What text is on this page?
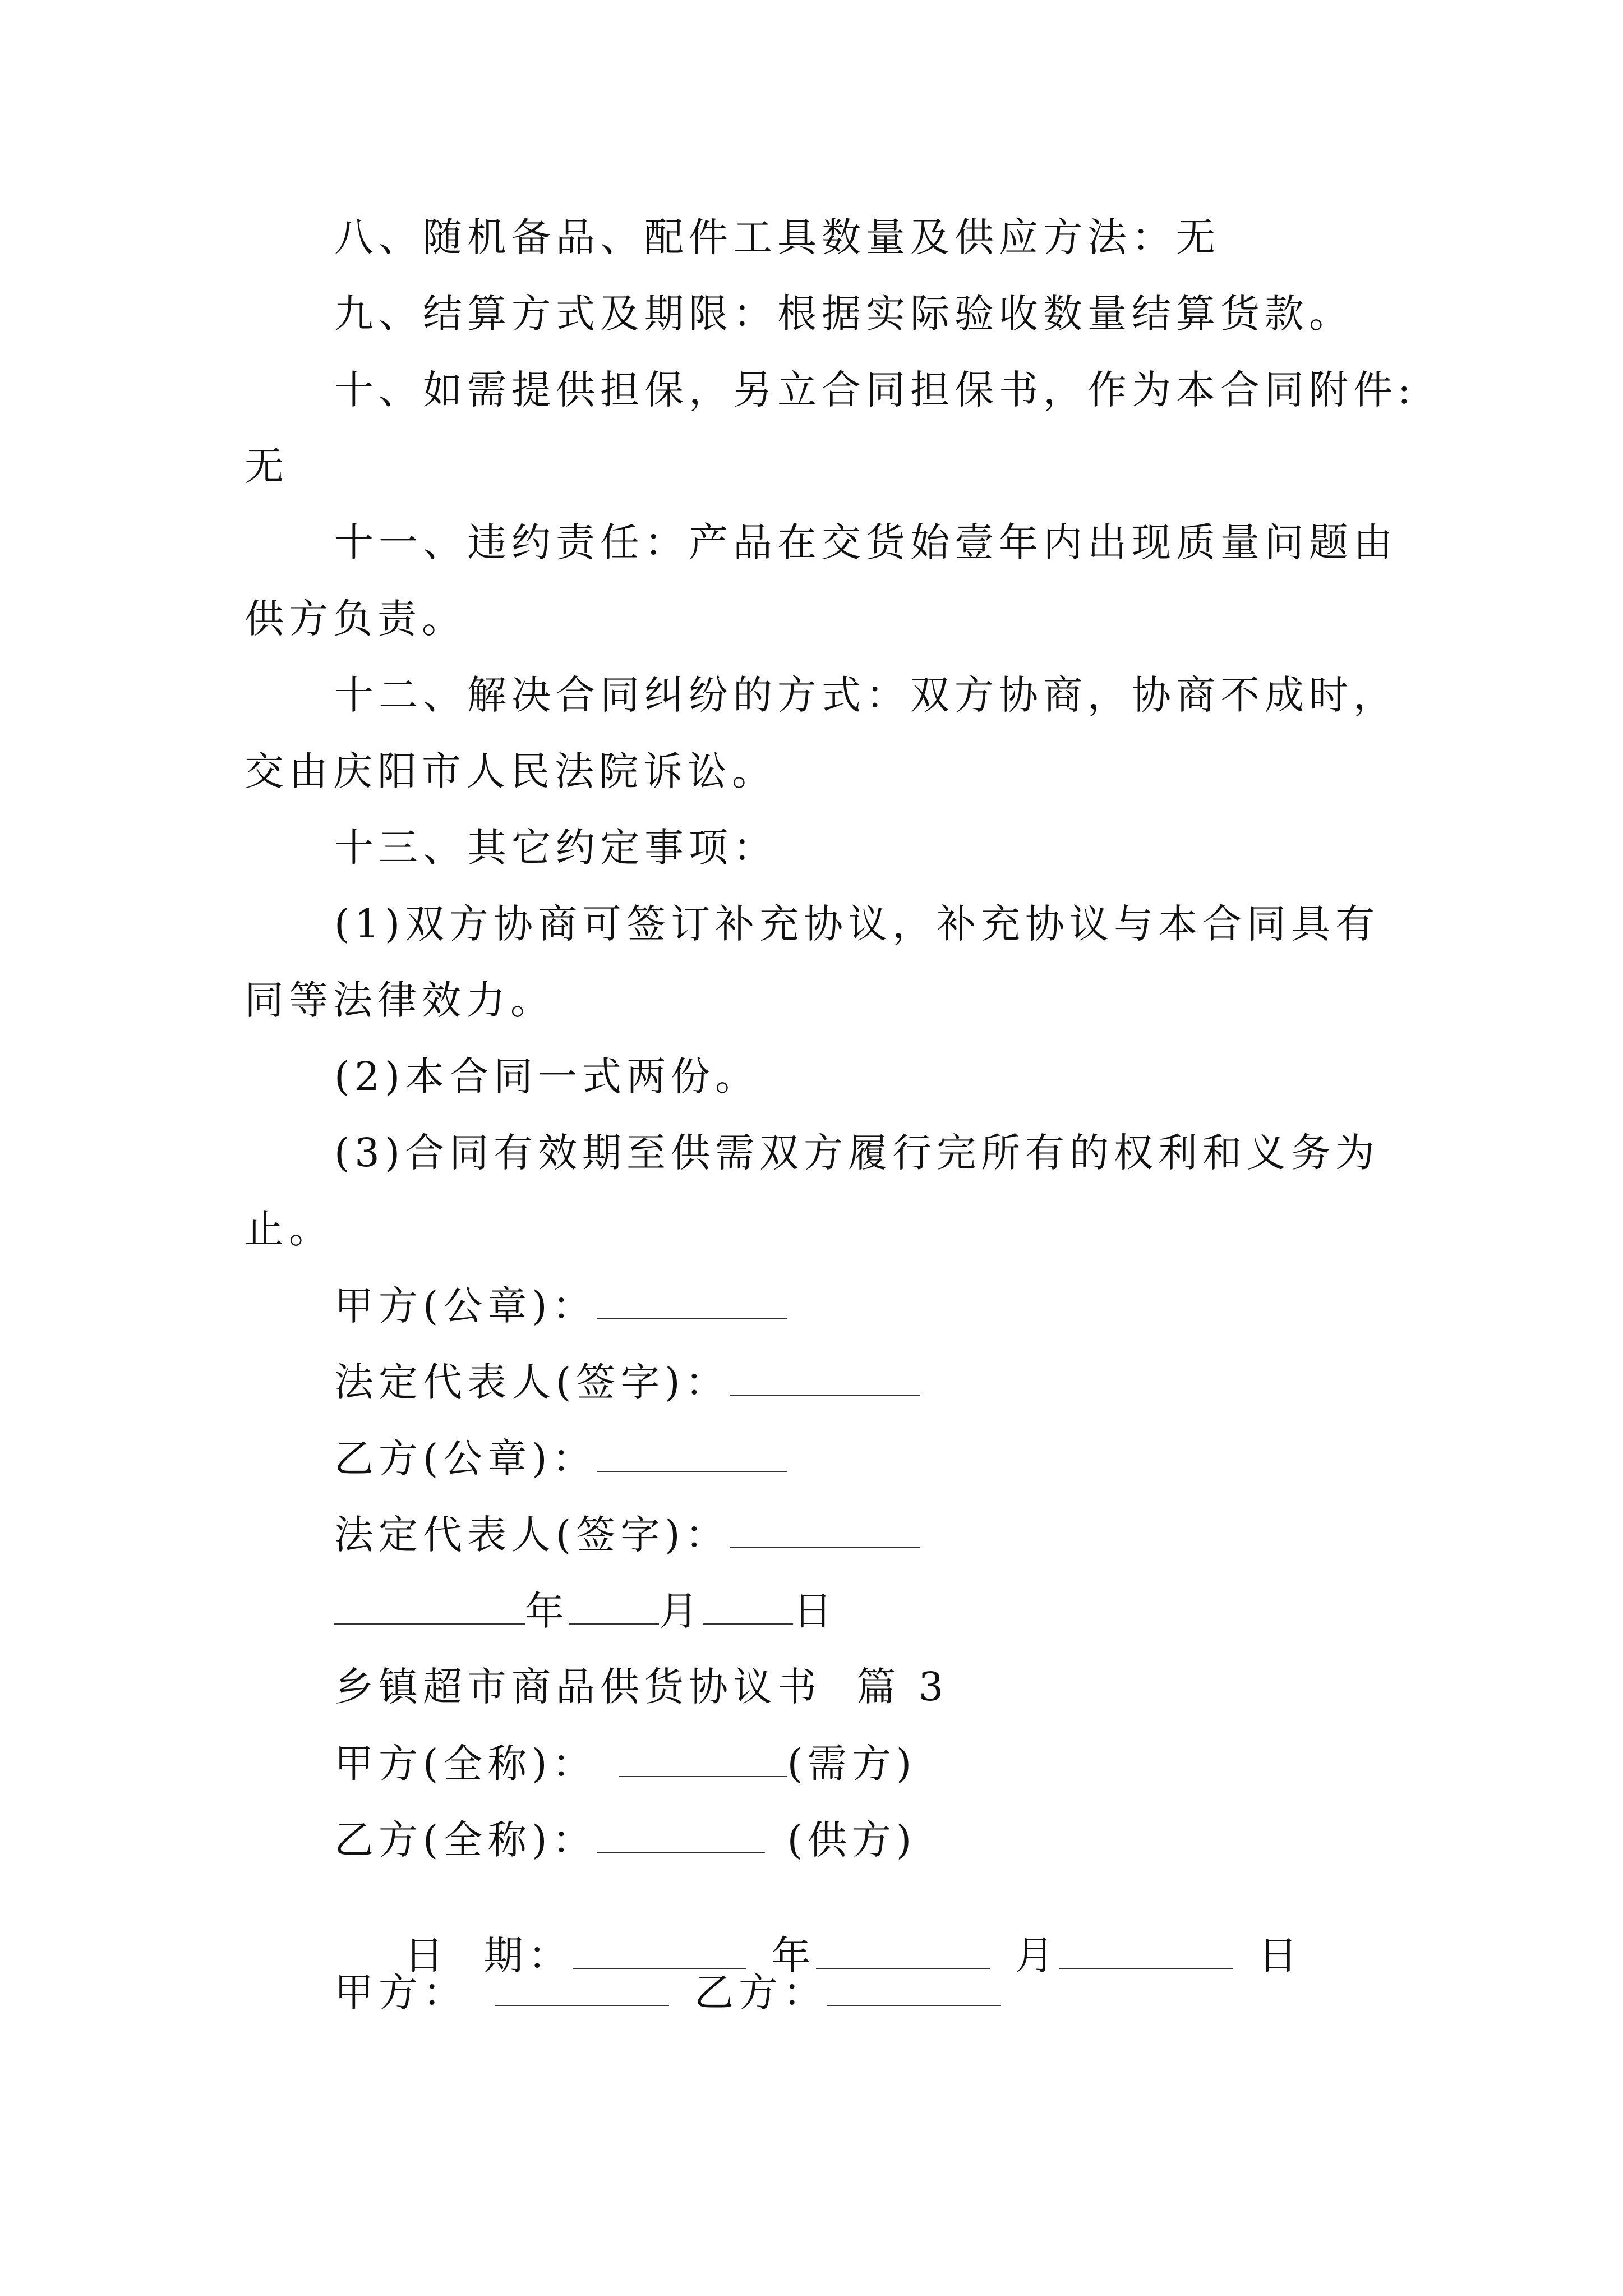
八、随机备品、配件工具数量及供应方法：无
九、结算方式及期限：根据实际验收数量结算货款。
十、如需提供担保，另立合同担保书，作为本合同附件:
无
十一、违约责任：产品在交货始壹年内出现质量问题由
供方负责。
十二、解决合同纠纷的方式：双方协商，协商不成时，
交由庆阳市人民法院诉讼。
十三、其它约定事项：
(1)双方协商可签订补充协议，补充协议与本合同具有
同等法律效力。
(2)本合同一式两份。
(3)合同有效期至供需双方履行完所有的权利和义务为
止。
甲方(公章)：
法定代表人(签字)：
乙方(公章)：
法定代表人(签字)：
年 月 日
乡镇超市商品供货协议书  篇 3
甲方(全称)：	(需方)
乙方(全称)：	(供方)

日  期：	年	月	日

甲方：	乙方：
